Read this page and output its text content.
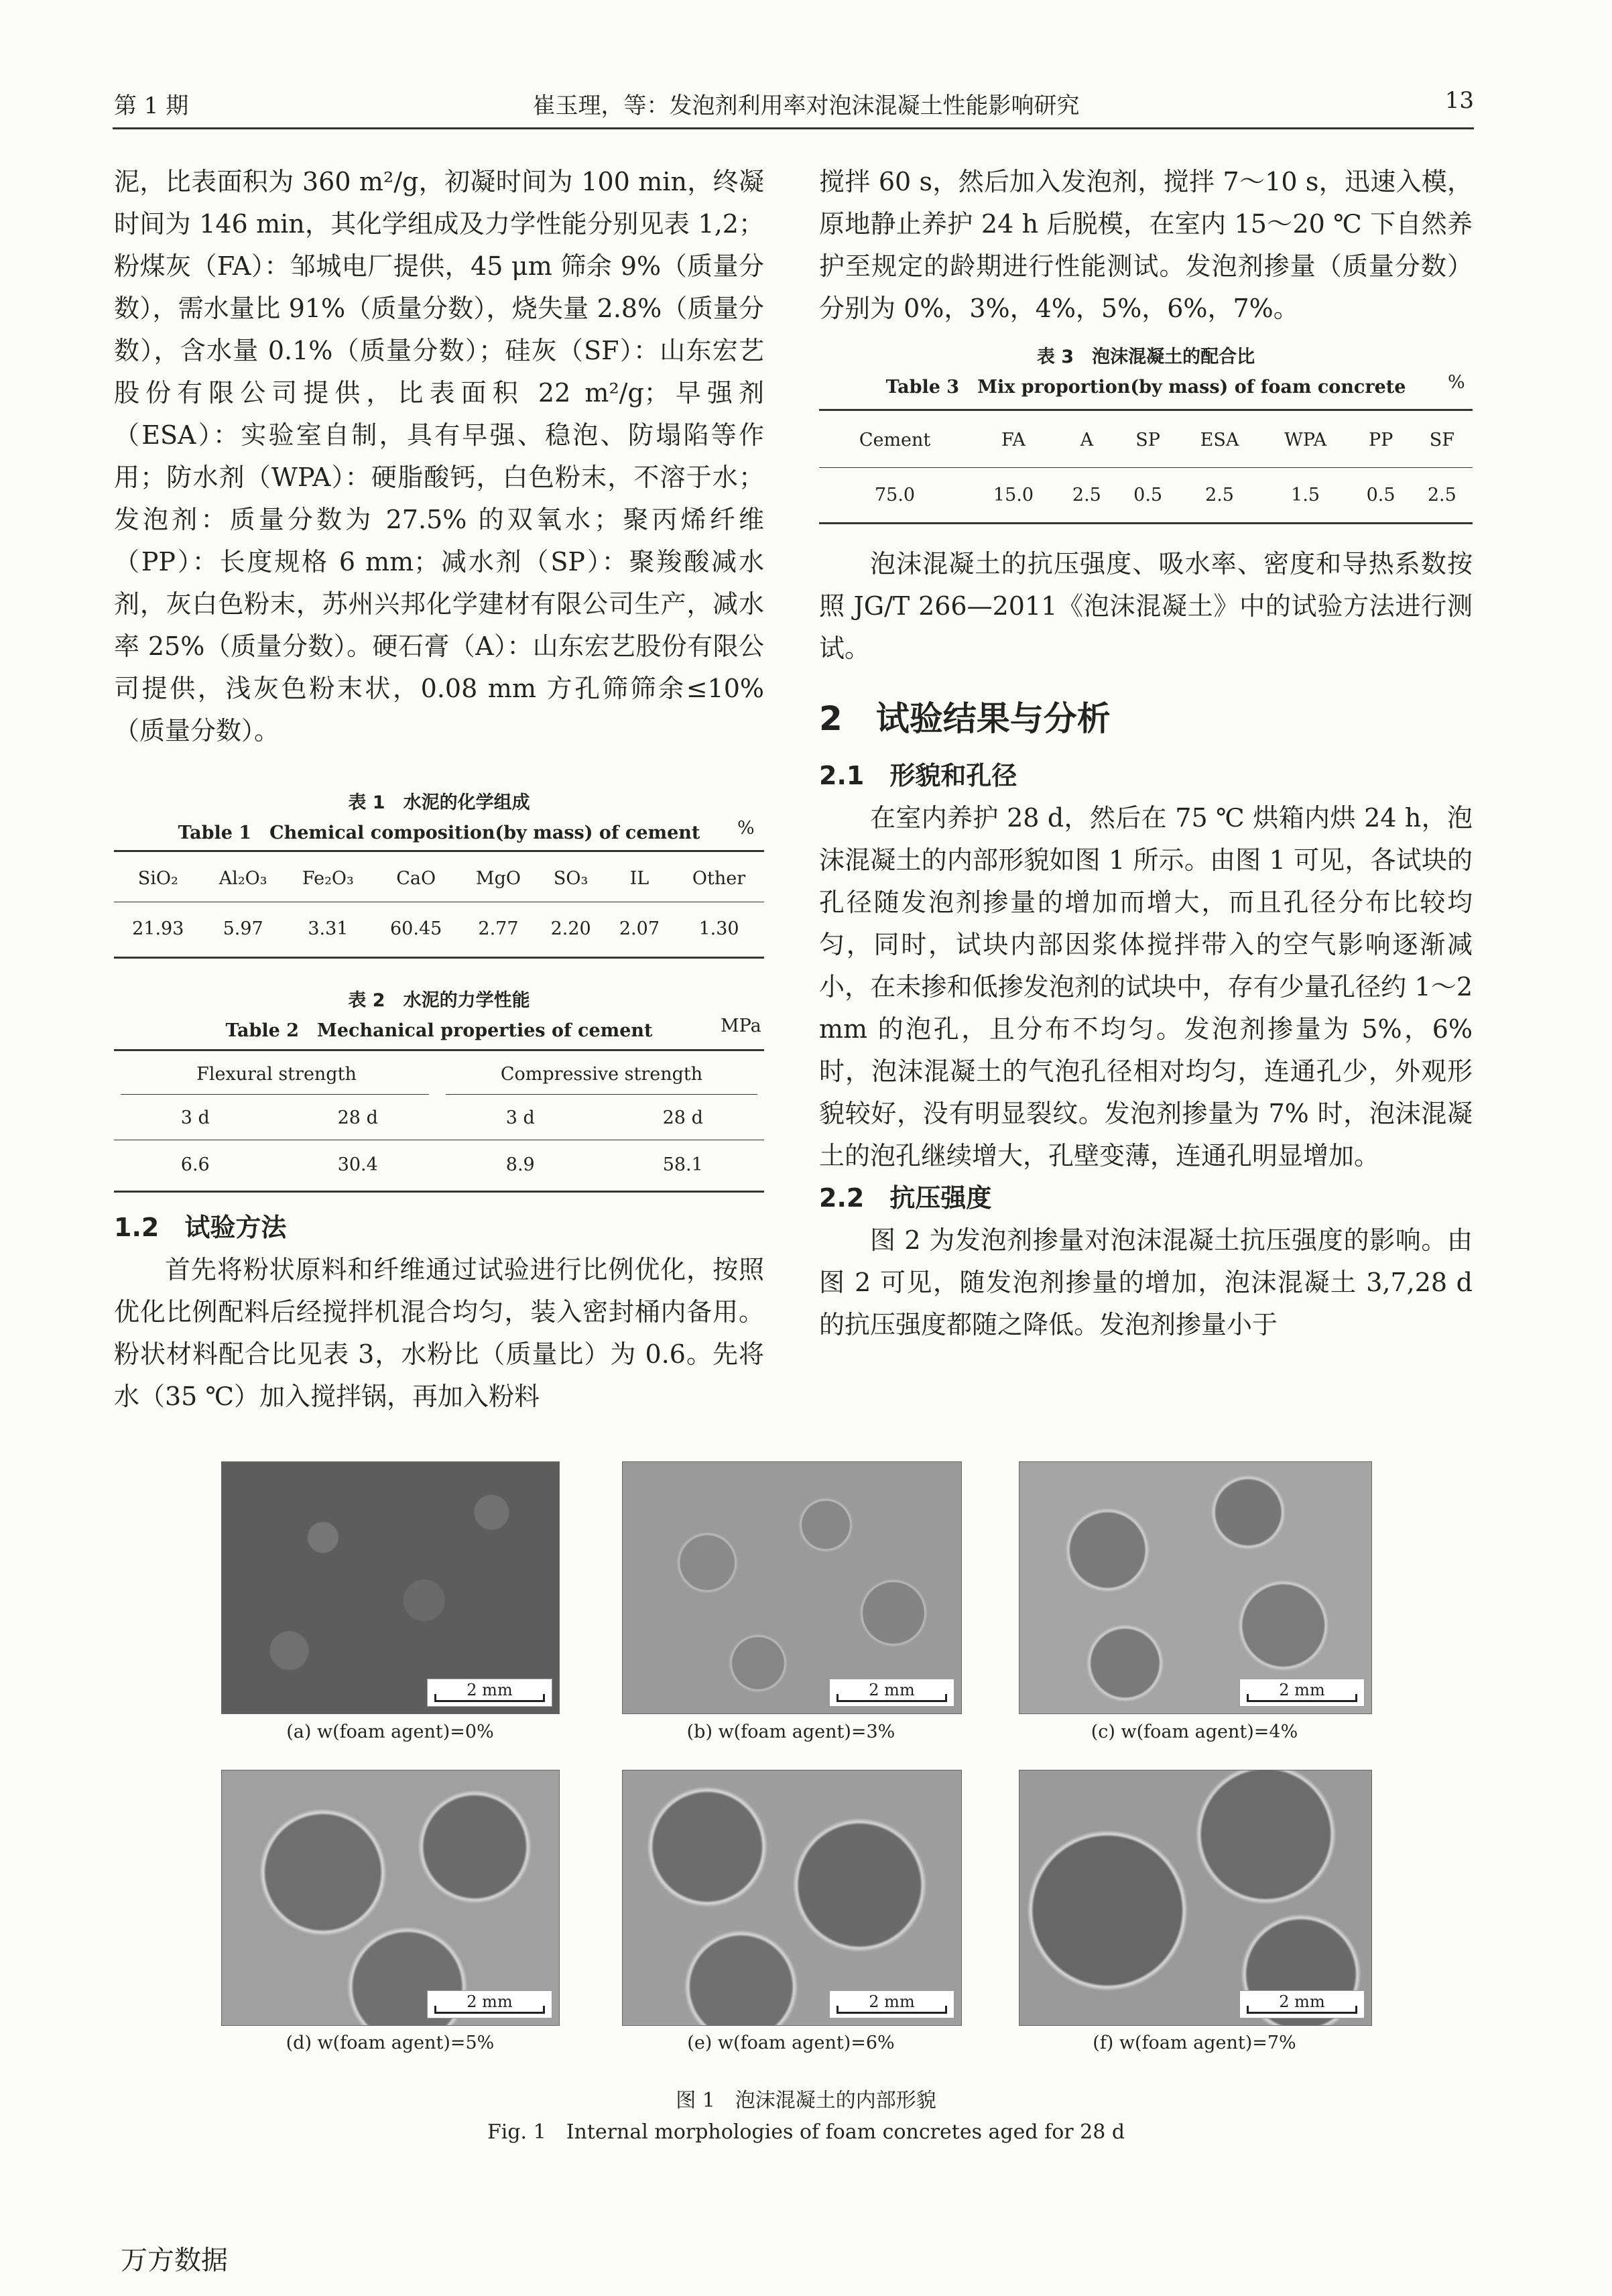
第 1 期	崔玉理，等：发泡剂利用率对泡沫混凝土性能影响研究	13

泥，比表面积为 360 m²/g，初凝时间为 100 min，终凝时间为 146 min，其化学组成及力学性能分别见表 1,2；粉煤灰（FA）：邹城电厂提供，45 μm 筛余 9%（质量分数），需水量比 91%（质量分数），烧失量 2.8%（质量分数），含水量 0.1%（质量分数）；硅灰（SF）：山东宏艺股份有限公司提供，比表面积 22 m²/g；早强剂（ESA）：实验室自制，具有早强、稳泡、防塌陷等作用；防水剂（WPA）：硬脂酸钙，白色粉末，不溶于水；发泡剂：质量分数为 27.5% 的双氧水；聚丙烯纤维（PP）：长度规格 6 mm；减水剂（SP）：聚羧酸减水剂，灰白色粉末，苏州兴邦化学建材有限公司生产，减水率 25%（质量分数）。硬石膏（A）：山东宏艺股份有限公司提供，浅灰色粉末状，0.08 mm 方孔筛筛余≤10%（质量分数）。

表 1　水泥的化学组成
Table 1　Chemical composition(by mass) of cement	%
SiO₂	Al₂O₃	Fe₂O₃	CaO	MgO	SO₃	IL	Other
21.93	5.97	3.31	60.45	2.77	2.20	2.07	1.30
表 2　水泥的力学性能
Table 2　Mechanical properties of cement	MPa
Flexural strength		Compressive strength	
3 d	28 d	3 d	28 d
6.6	30.4	8.9	58.1

1.2　试验方法

首先将粉状原料和纤维通过试验进行比例优化，按照优化比例配料后经搅拌机混合均匀，装入密封桶内备用。粉状材料配合比见表 3，水粉比（质量比）为 0.6。先将水（35 ℃）加入搅拌锅，再加入粉料

搅拌 60 s，然后加入发泡剂，搅拌 7～10 s，迅速入模，原地静止养护 24 h 后脱模，在室内 15～20 ℃ 下自然养护至规定的龄期进行性能测试。发泡剂掺量（质量分数）分别为 0%，3%，4%，5%，6%，7%。

表 3　泡沫混凝土的配合比
Table 3　Mix proportion(by mass) of foam concrete	%
Cement	FA	A	SP	ESA	WPA	PP	SF
75.0	15.0	2.5	0.5	2.5	1.5	0.5	2.5

泡沫混凝土的抗压强度、吸水率、密度和导热系数按照 JG/T 266—2011《泡沫混凝土》中的试验方法进行测试。

2　试验结果与分析

2.1　形貌和孔径

在室内养护 28 d，然后在 75 ℃ 烘箱内烘 24 h，泡沫混凝土的内部形貌如图 1 所示。由图 1 可见，各试块的孔径随发泡剂掺量的增加而增大，而且孔径分布比较均匀，同时，试块内部因浆体搅拌带入的空气影响逐渐减小，在未掺和低掺发泡剂的试块中，存有少量孔径约 1～2 mm 的泡孔，且分布不均匀。发泡剂掺量为 5%，6% 时，泡沫混凝土的气泡孔径相对均匀，连通孔少，外观形貌较好，没有明显裂纹。发泡剂掺量为 7% 时，泡沫混凝土的泡孔继续增大，孔壁变薄，连通孔明显增加。

2.2　抗压强度

图 2 为发泡剂掺量对泡沫混凝土抗压强度的影响。由图 2 可见，随发泡剂掺量的增加，泡沫混凝土 3,7,28 d 的抗压强度都随之降低。发泡剂掺量小于

2 mm	2 mm	2 mm
(a) w(foam agent)=0%	(b) w(foam agent)=3%	(c) w(foam agent)=4%
2 mm	2 mm	2 mm
(d) w(foam agent)=5%	(e) w(foam agent)=6%	(f) w(foam agent)=7%
图 1　泡沫混凝土的内部形貌
Fig. 1　Internal morphologies of foam concretes aged for 28 d
万方数据
